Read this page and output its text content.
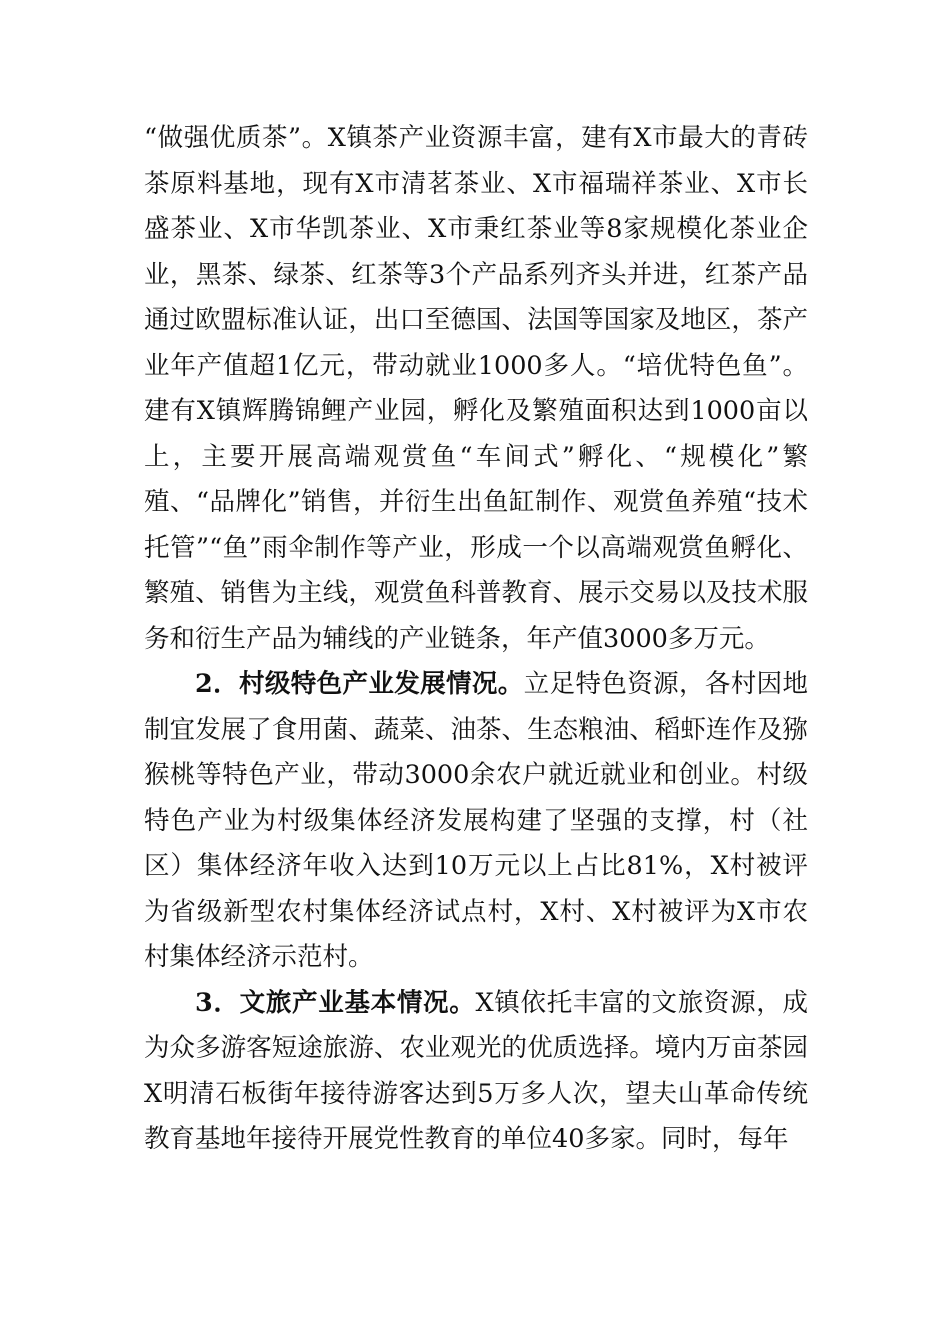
“做强优质茶”。X镇茶产业资源丰富，建有X市最大的青砖茶原料基地，现有X市清茗茶业、X市福瑞祥茶业、X市长盛茶业、X市华凯茶业、X市秉红茶业等8家规模化茶业企业，黑茶、绿茶、红茶等3个产品系列齐头并进，红茶产品通过欧盟标准认证，出口至德国、法国等国家及地区，茶产业年产值超1亿元，带动就业1000多人。“培优特色鱼”。建有X镇辉腾锦鲤产业园，孵化及繁殖面积达到1000亩以上，主要开展高端观赏鱼“车间式”孵化、“规模化”繁殖、“品牌化”销售，并衍生出鱼缸制作、观赏鱼养殖“技术托管”“鱼”雨伞制作等产业，形成一个以高端观赏鱼孵化、繁殖、销售为主线，观赏鱼科普教育、展示交易以及技术服务和衍生产品为辅线的产业链条，年产值3000多万元。

2．村级特色产业发展情况。立足特色资源，各村因地制宜发展了食用菌、蔬菜、油茶、生态粮油、稻虾连作及猕猴桃等特色产业，带动3000余农户就近就业和创业。村级特色产业为村级集体经济发展构建了坚强的支撑，村（社区）集体经济年收入达到10万元以上占比81%，X村被评为省级新型农村集体经济试点村，X村、X村被评为X市农村集体经济示范村。

3．文旅产业基本情况。X镇依托丰富的文旅资源，成为众多游客短途旅游、农业观光的优质选择。境内万亩茶园X明清石板街年接待游客达到5万多人次，望夫山革命传统教育基地年接待开展党性教育的单位40多家。同时，每年
